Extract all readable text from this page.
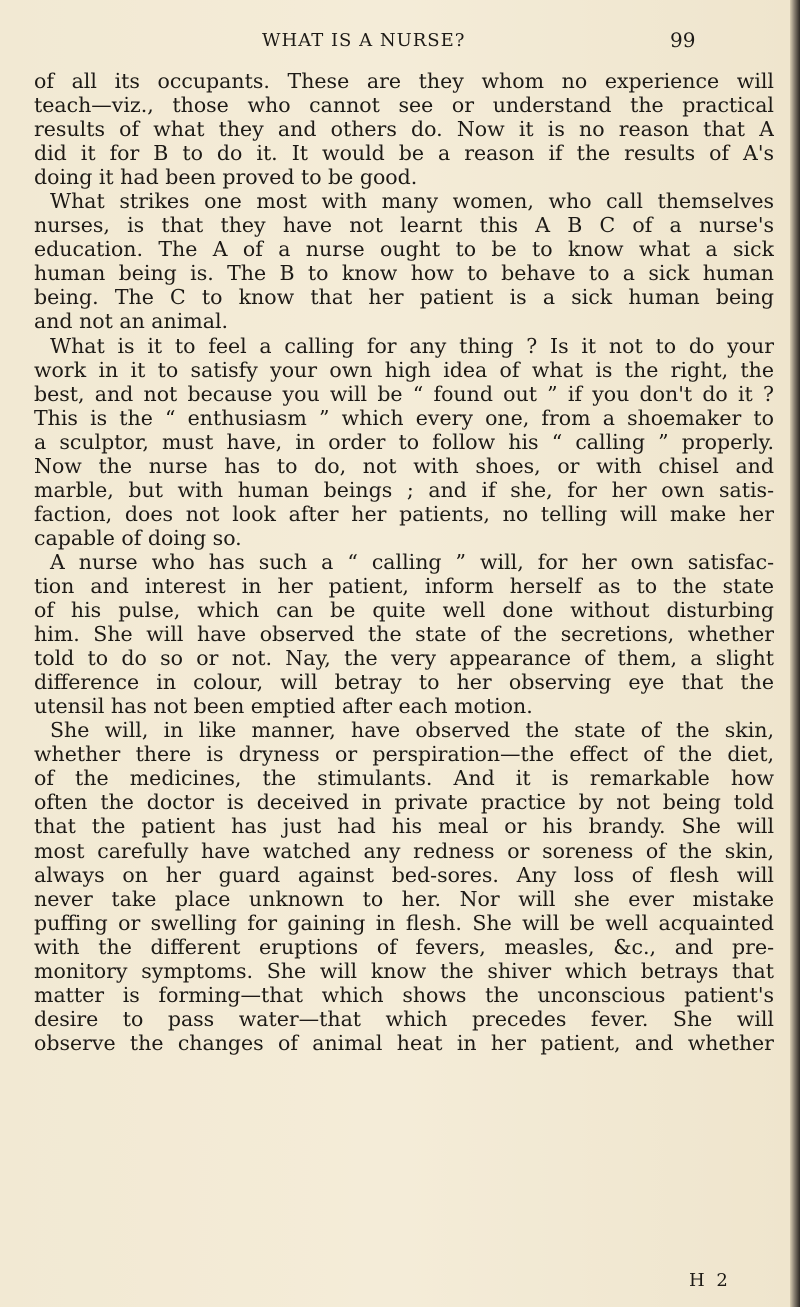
WHAT IS A NURSE?	99
of all its occupants. These are they whom no experience will
teach—viz., those who cannot see or understand the practical
results of what they and others do. Now it is no reason that A
did it for B to do it. It would be a reason if the results of A's
doing it had been proved to be good.
What strikes one most with many women, who call themselves
nurses, is that they have not learnt this A B C of a nurse's
education. The A of a nurse ought to be to know what a sick
human being is. The B to know how to behave to a sick human
being. The C to know that her patient is a sick human being
and not an animal.
What is it to feel a calling for any thing ? Is it not to do your
work in it to satisfy your own high idea of what is the right, the
best, and not because you will be “ found out ” if you don't do it ?
This is the “ enthusiasm ” which every one, from a shoemaker to
a sculptor, must have, in order to follow his “ calling ” properly.
Now the nurse has to do, not with shoes, or with chisel and
marble, but with human beings ; and if she, for her own satis-
faction, does not look after her patients, no telling will make her
capable of doing so.
A nurse who has such a “ calling ” will, for her own satisfac-
tion and interest in her patient, inform herself as to the state
of his pulse, which can be quite well done without disturbing
him. She will have observed the state of the secretions, whether
told to do so or not. Nay, the very appearance of them, a slight
difference in colour, will betray to her observing eye that the
utensil has not been emptied after each motion.
She will, in like manner, have observed the state of the skin,
whether there is dryness or perspiration—the effect of the diet,
of the medicines, the stimulants. And it is remarkable how
often the doctor is deceived in private practice by not being told
that the patient has just had his meal or his brandy. She will
most carefully have watched any redness or soreness of the skin,
always on her guard against bed-sores. Any loss of flesh will
never take place unknown to her. Nor will she ever mistake
puffing or swelling for gaining in flesh. She will be well acquainted
with the different eruptions of fevers, measles, &c., and pre-
monitory symptoms. She will know the shiver which betrays that
matter is forming—that which shows the unconscious patient's
desire to pass water—that which precedes fever. She will
observe the changes of animal heat in her patient, and whether
H 2
